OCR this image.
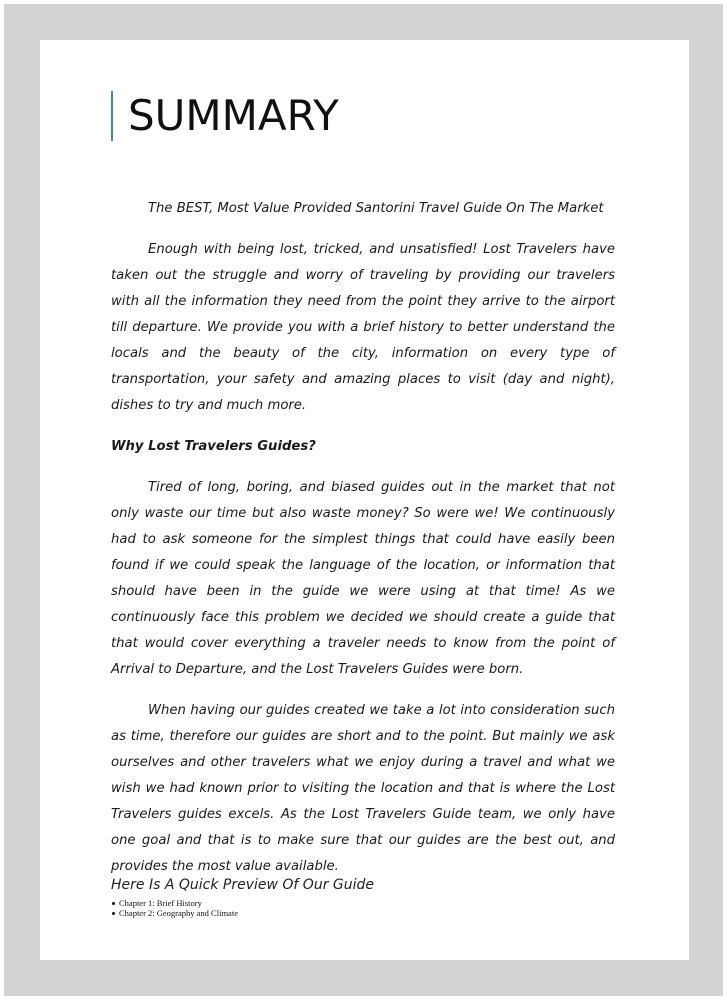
SUMMARY

The BEST, Most Value Provided Santorini Travel Guide On The Market

Enough with being lost, tricked, and unsatisfied! Lost Travelers have taken out the struggle and worry of traveling by providing our travelers with all the information they need from the point they arrive to the airport till departure. We provide you with a brief history to better understand the locals and the beauty of the city, information on every type of transportation, your safety and amazing places to visit (day and night), dishes to try and much more.

Why Lost Travelers Guides?

Tired of long, boring, and biased guides out in the market that not only waste our time but also waste money? So were we! We continuously had to ask someone for the simplest things that could have easily been found if we could speak the language of the location, or information that should have been in the guide we were using at that time! As we continuously face this problem we decided we should create a guide that that would cover everything a traveler needs to know from the point of Arrival to Departure, and the Lost Travelers Guides were born.

When having our guides created we take a lot into consideration such as time, therefore our guides are short and to the point. But mainly we ask ourselves and other travelers what we enjoy during a travel and what we wish we had known prior to visiting the location and that is where the Lost Travelers guides excels. As the Lost Travelers Guide team, we only have one goal and that is to make sure that our guides are the best out, and provides the most value available.

Here Is A Quick Preview Of Our Guide

Chapter 1: Brief History
Chapter 2: Geography and Climate
